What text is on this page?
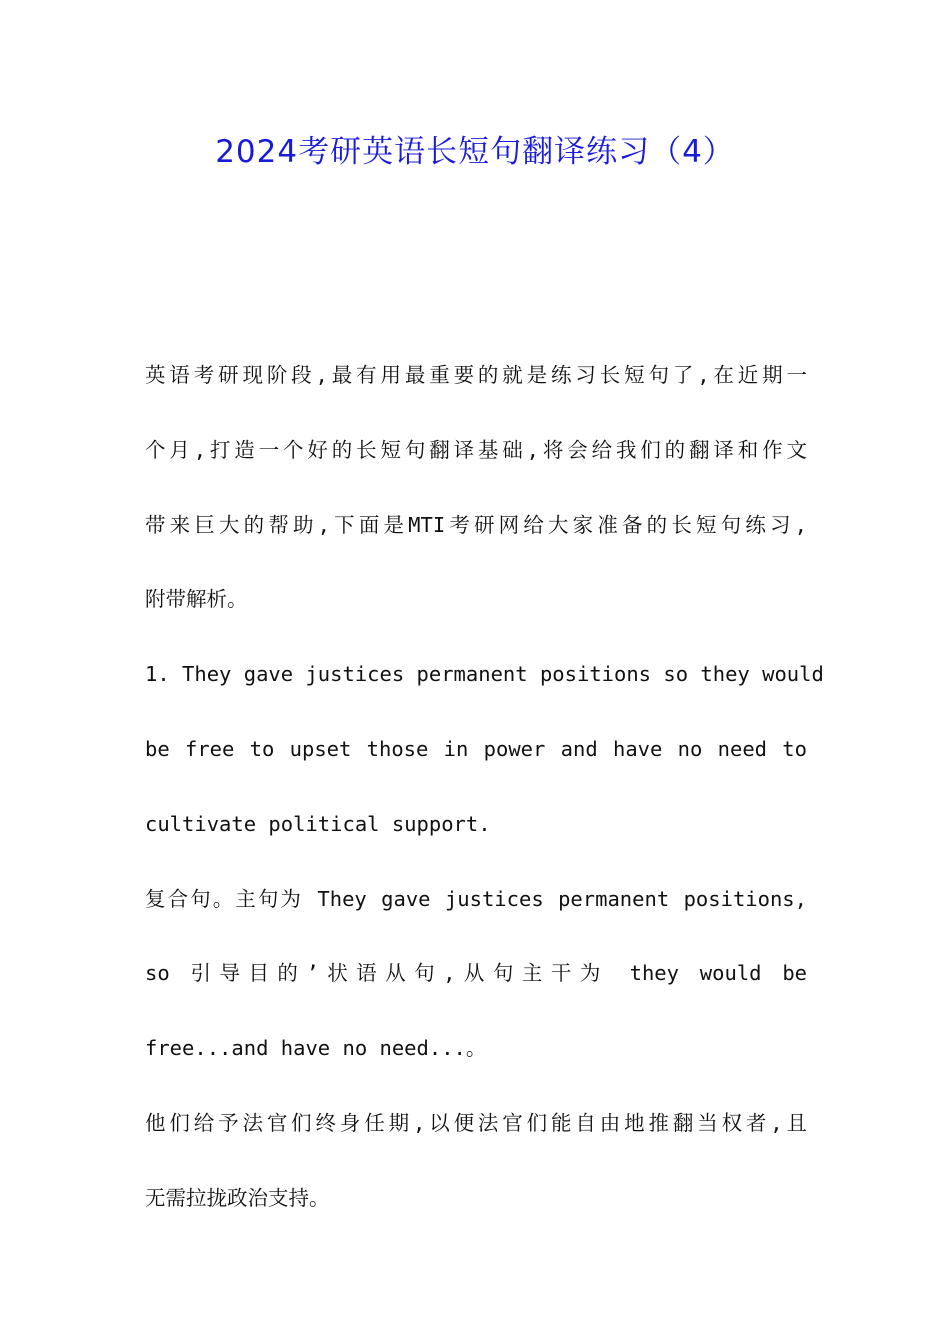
2024考研英语长短句翻译练习（4）
英语考研现阶段,最有用最重要的就是练习长短句了,在近期一
个月,打造一个好的长短句翻译基础,将会给我们的翻译和作文
带来巨大的帮助,下面是MTI考研网给大家准备的长短句练习,
附带解析。
1. They gave justices permanent positions so they would
be free to upset those in power and have no need to
cultivate political support.
复合句。主句为 They gave justices permanent positions,
so 引导目的’状语从句,从句主干为 they would be
free...and have no need...。
他们给予法官们终身任期,以便法官们能自由地推翻当权者,且
无需拉拢政治支持。
